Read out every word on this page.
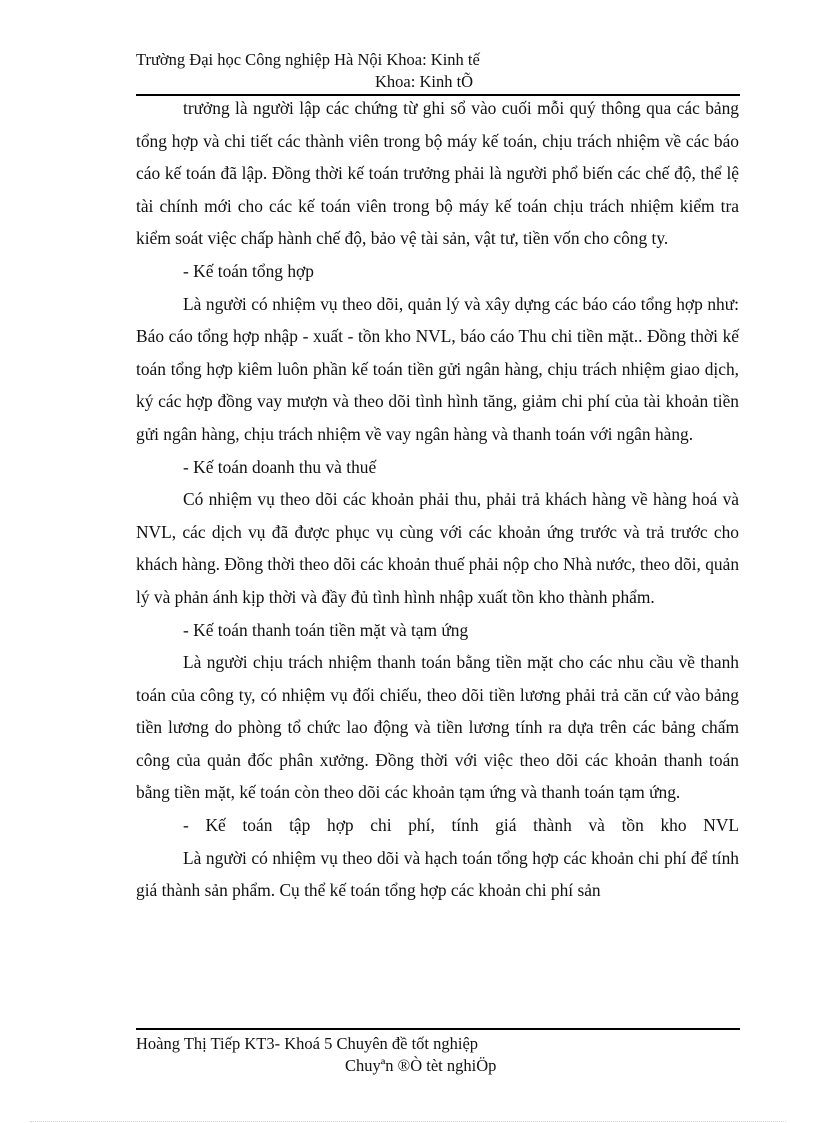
Trường Đại học Công nghiệp Hà Nội Khoa: Kinh tế
Khoa: Kinh tÕ

trưởng là người lập các chứng từ ghi sổ vào cuối mỗi quý thông qua các bảng tổng hợp và chi tiết các thành viên trong bộ máy kế toán, chịu trách nhiệm về các báo cáo kế toán đã lập. Đồng thời kế toán trưởng phải là người phổ biến các chế độ, thể lệ tài chính mới cho các kế toán viên trong bộ máy kế toán chịu trách nhiệm kiểm tra kiểm soát việc chấp hành chế độ, bảo vệ tài sản, vật tư, tiền vốn cho công ty.

- Kế toán tổng hợp

Là người có nhiệm vụ theo dõi, quản lý và xây dựng các báo cáo tổng hợp như: Báo cáo tổng hợp nhập - xuất - tồn kho NVL, báo cáo Thu chi tiền mặt.. Đồng thời kế toán tổng hợp kiêm luôn phần kế toán tiền gửi ngân hàng, chịu trách nhiệm giao dịch, ký các hợp đồng vay mượn và theo dõi tình hình tăng, giảm chi phí của tài khoản tiền gửi ngân hàng, chịu trách nhiệm về vay ngân hàng và thanh toán với ngân hàng.

- Kế toán doanh thu và thuế

Có nhiệm vụ theo dõi các khoản phải thu, phải trả khách hàng về hàng hoá và NVL, các dịch vụ đã được phục vụ cùng với các khoản ứng trước và trả trước cho khách hàng. Đồng thời theo dõi các khoản thuế phải nộp cho Nhà nước, theo dõi, quản lý và phản ánh kịp thời và đầy đủ tình hình nhập xuất tồn kho thành phẩm.

- Kế toán thanh toán tiền mặt và tạm ứng

Là người chịu trách nhiệm thanh toán bằng tiền mặt cho các nhu cầu về thanh toán của công ty, có nhiệm vụ đối chiếu, theo dõi tiền lương phải trả căn cứ vào bảng tiền lương do phòng tổ chức lao động và tiền lương tính ra dựa trên các bảng chấm công của quản đốc phân xưởng. Đồng thời với việc theo dõi các khoản thanh toán bằng tiền mặt, kế toán còn theo dõi các khoản tạm ứng và thanh toán tạm ứng.

- Kế toán tập hợp chi phí, tính giá thành và tồn kho NVL

Là người có nhiệm vụ theo dõi và hạch toán tổng hợp các khoản chi phí để tính giá thành sản phẩm. Cụ thể kế toán tổng hợp các khoản chi phí sản

Hoàng Thị Tiếp KT3- Khoá 5 Chuyên đề tốt nghiệp
Chuyªn ®Ò tèt nghiÖp
